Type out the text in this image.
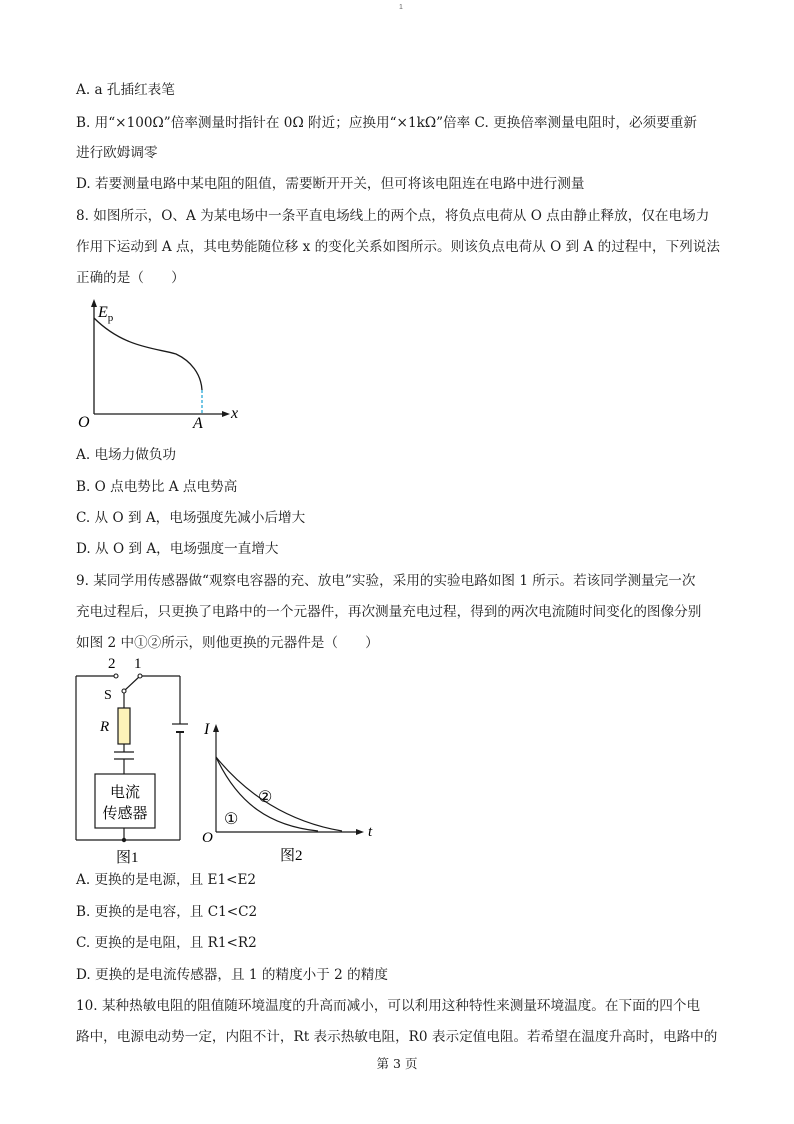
1
A. a 孔插红表笔
B. 用“×100Ω”倍率测量时指针在 0Ω 附近；应换用“×1kΩ”倍率 C. 更换倍率测量电阻时，必须要重新
进行欧姆调零
D. 若要测量电路中某电阻的阻值，需要断开开关，但可将该电阻连在电路中进行测量
8. 如图所示，O、A 为某电场中一条平直电场线上的两个点，将负点电荷从 O 点由静止释放，仅在电场力
作用下运动到 A 点，其电势能随位移 x 的变化关系如图所示。则该负点电荷从 O 到 A 的过程中，下列说法
正确的是（　　）
A. 电场力做负功
B. O 点电势比 A 点电势高
C. 从 O 到 A，电场强度先减小后增大
D. 从 O 到 A，电场强度一直增大
9. 某同学用传感器做“观察电容器的充、放电”实验，采用的实验电路如图 1 所示。若该同学测量完一次
充电过程后，只更换了电路中的一个元器件，再次测量充电过程，得到的两次电流随时间变化的图像分别
如图 2 中①②所示，则他更换的元器件是（　　）
A. 更换的是电源，且 E1<E2
B. 更换的是电容，且 C1<C2
C. 更换的是电阻，且 R1<R2
D. 更换的是电流传感器，且 1 的精度小于 2 的精度
10. 某种热敏电阻的阻值随环境温度的升高而减小，可以利用这种特性来测量环境温度。在下面的四个电
路中，电源电动势一定，内阻不计，Rt 表示热敏电阻，R0 表示定值电阻。若希望在温度升高时，电路中的
$E_p$
O	A
x
2 1
S
R
电流
传感器
图1
I
t
O
①
②
图2
第 3 页
